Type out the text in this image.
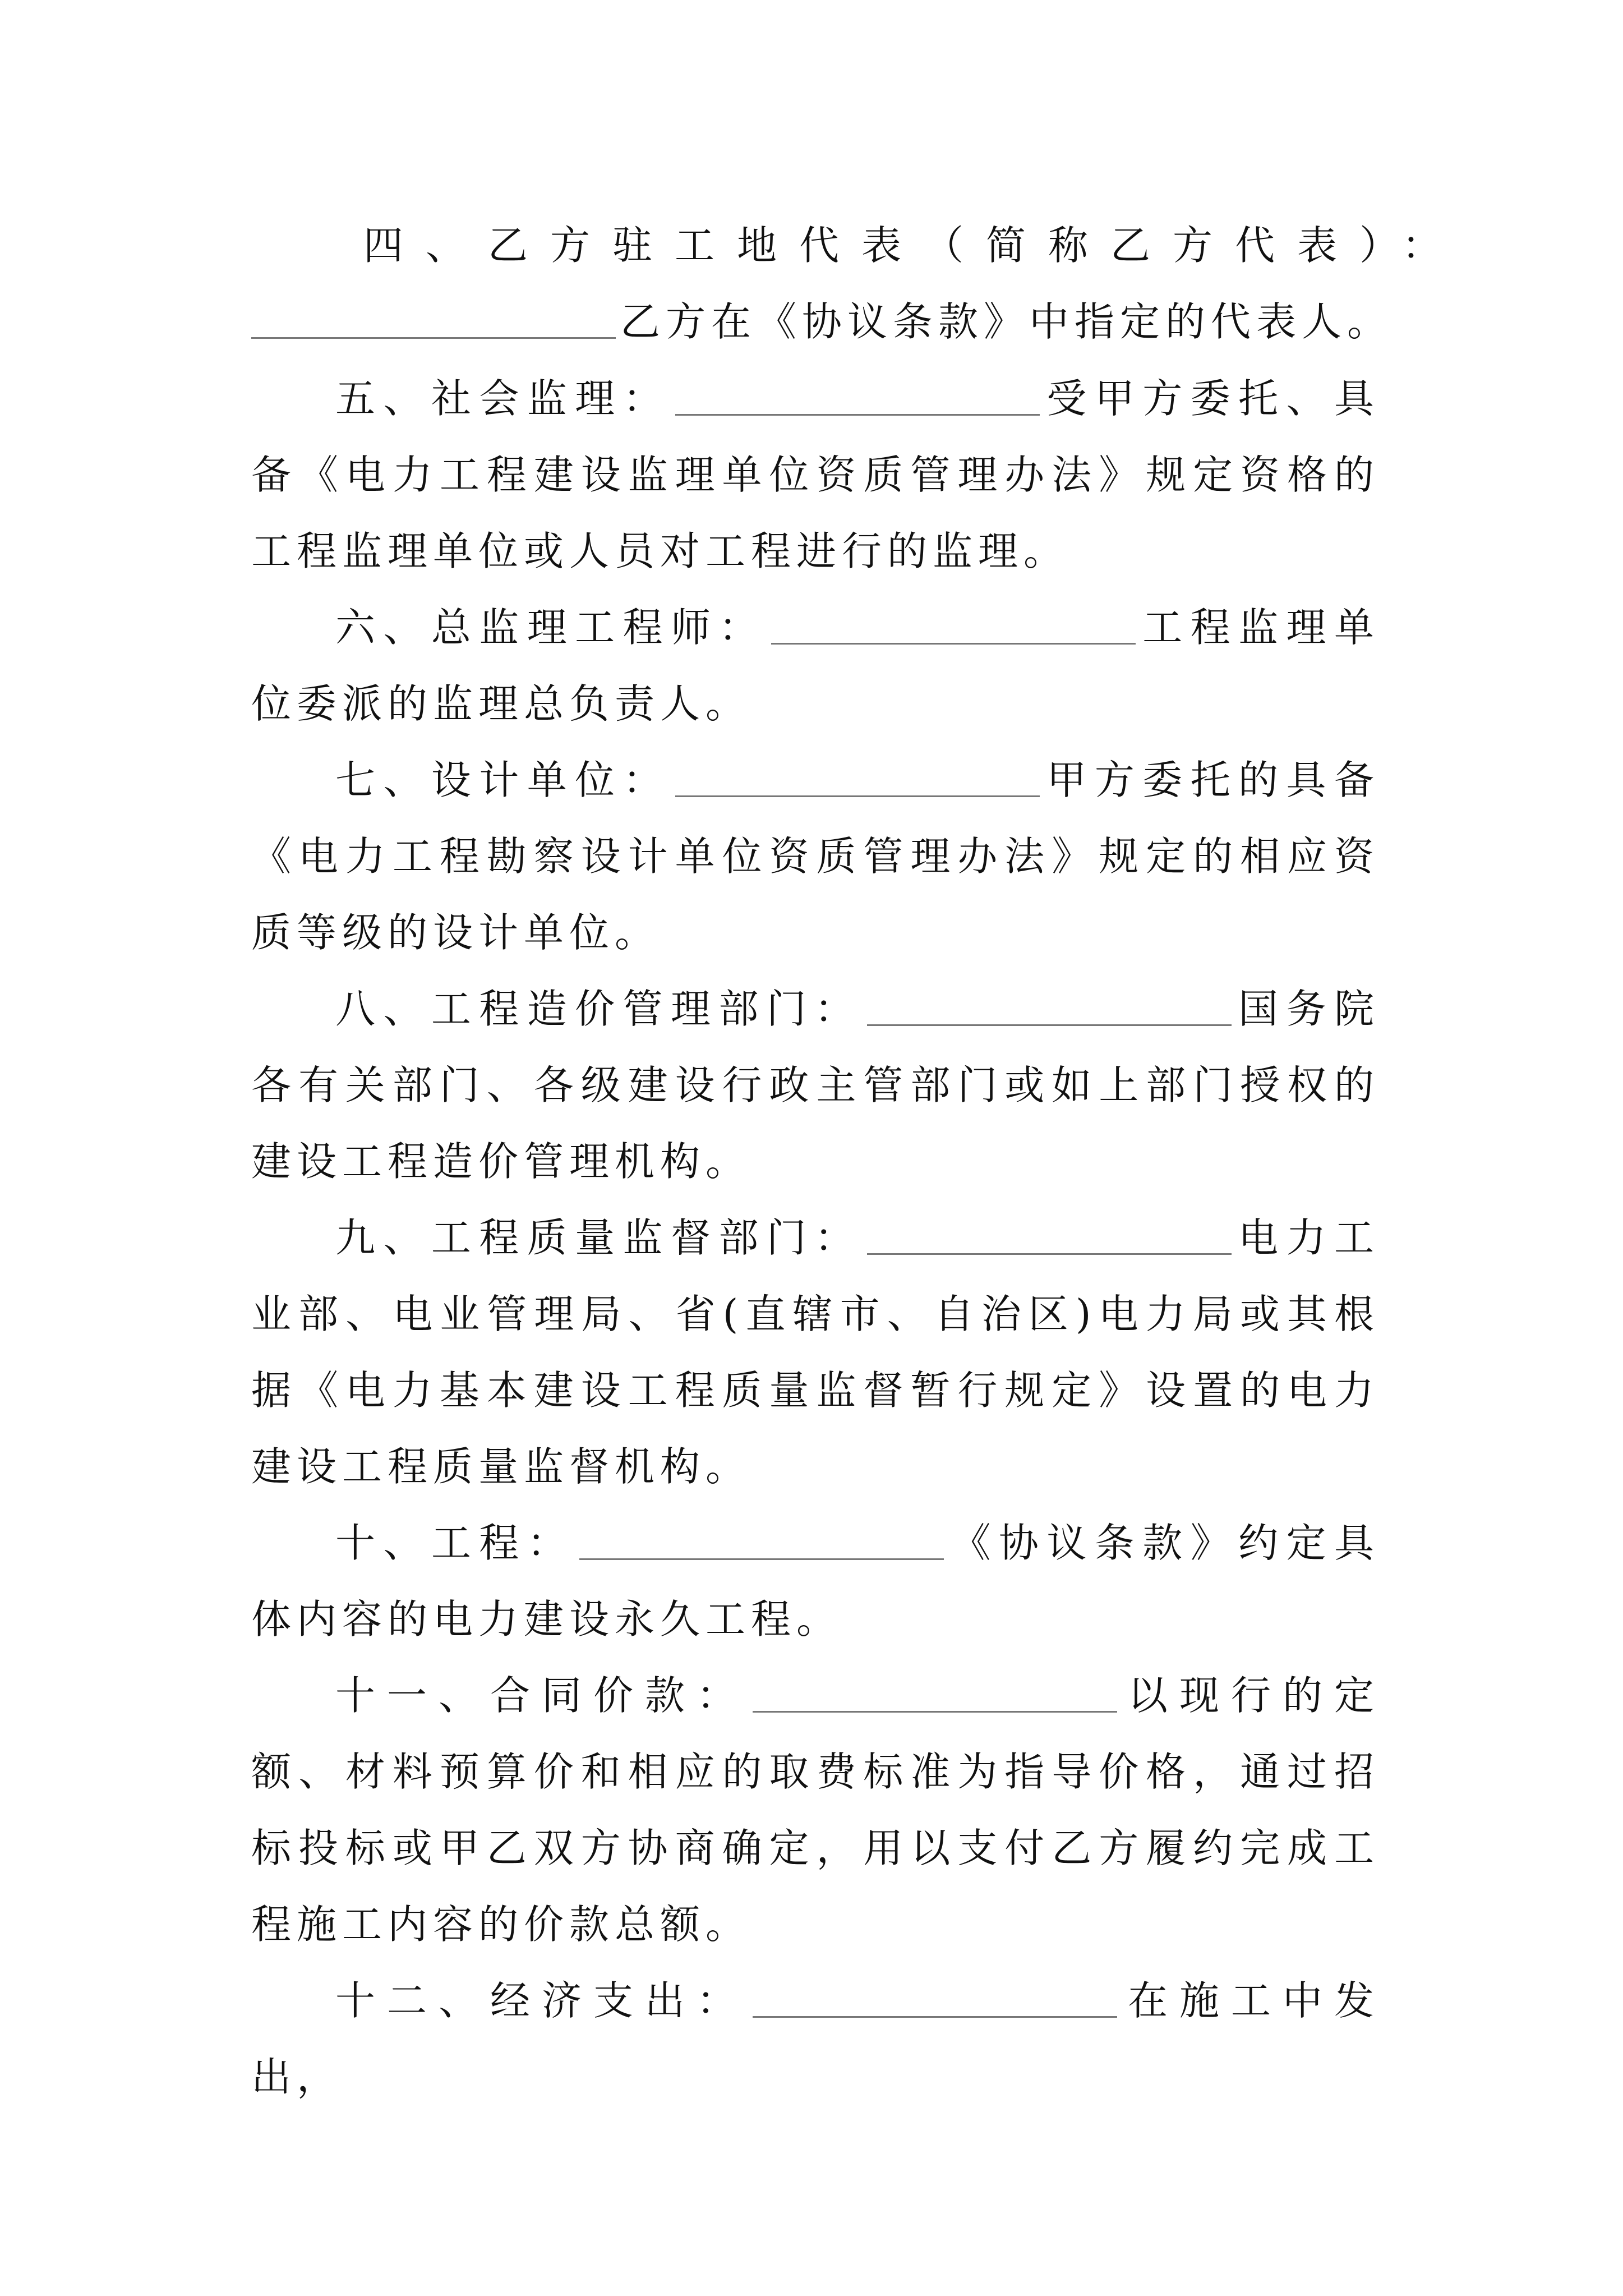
四、乙方驻工地代表（简称乙方代表）：
乙方在《协议条款》中指定的代表人。

五、社会监理：	受甲方委托、具备《电力工程建设监理单位资质管理办法》规定资格的工程监理单位或人员对工程进行的监理。

六、总监理工程师：	工程监理单位委派的监理总负责人。

七、设计单位：	甲方委托的具备《电力工程勘察设计单位资质管理办法》规定的相应资质等级的设计单位。

八、工程造价管理部门：	国务院各有关部门、各级建设行政主管部门或如上部门授权的建设工程造价管理机构。

九、工程质量监督部门：	电力工业部、电业管理局、省(直辖市、自治区)电力局或其根据《电力基本建设工程质量监督暂行规定》设置的电力建设工程质量监督机构。

十、工程：	《协议条款》约定具体内容的电力建设永久工程。

十一、合同价款：	以现行的定额、材料预算价和相应的取费标准为指导价格，通过招标投标或甲乙双方协商确定，用以支付乙方履约完成工程施工内容的价款总额。

十二、经济支出：	在施工中发出，
